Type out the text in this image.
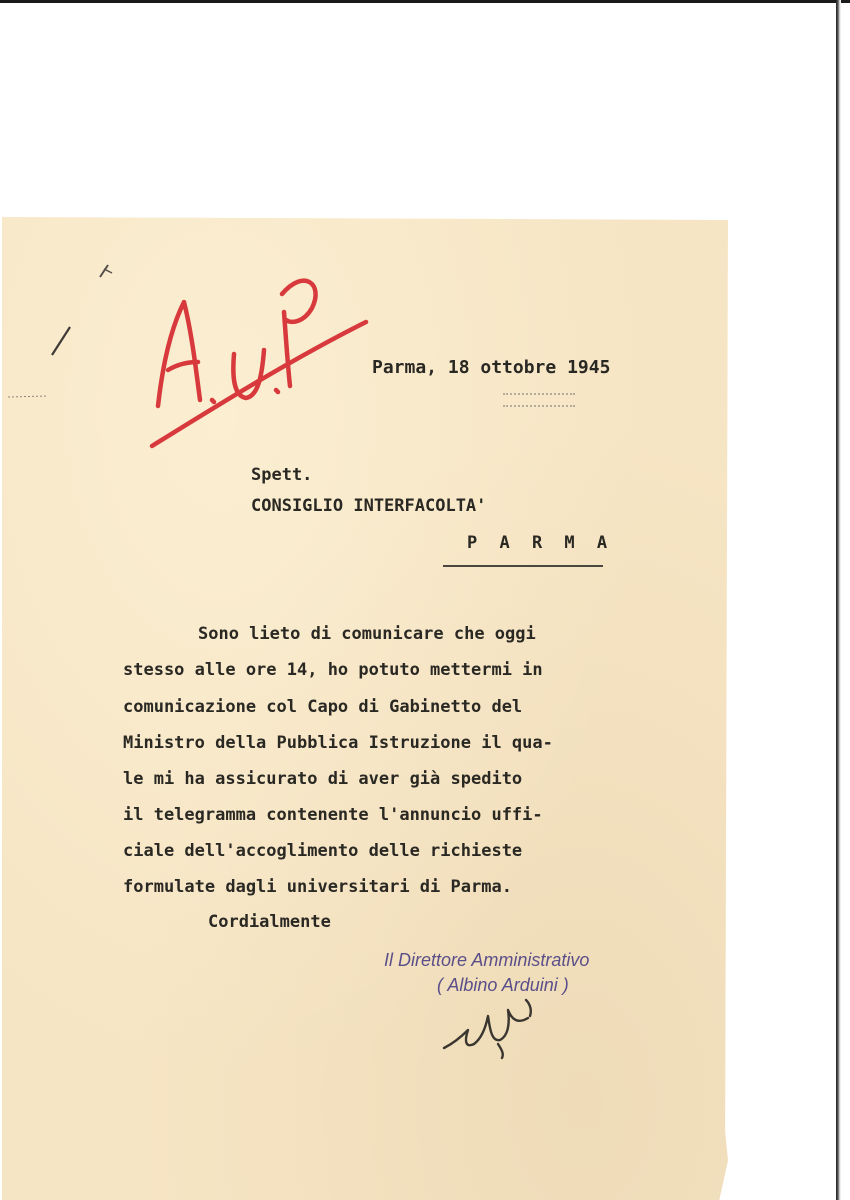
Parma, 18 ottobre 1945
Spett.
CONSIGLIO INTERFACOLTA'
P A R M A
Sono lieto di comunicare che oggi
stesso alle ore 14, ho potuto mettermi in
comunicazione col Capo di Gabinetto del
Ministro della Pubblica Istruzione il qua-
le mi ha assicurato di aver già spedito
il telegramma contenente l'annuncio uffi-
ciale dell'accoglimento delle richieste
formulate dagli universitari di Parma.
Cordialmente
Il Direttore Amministrativo
( Albino Arduini )
